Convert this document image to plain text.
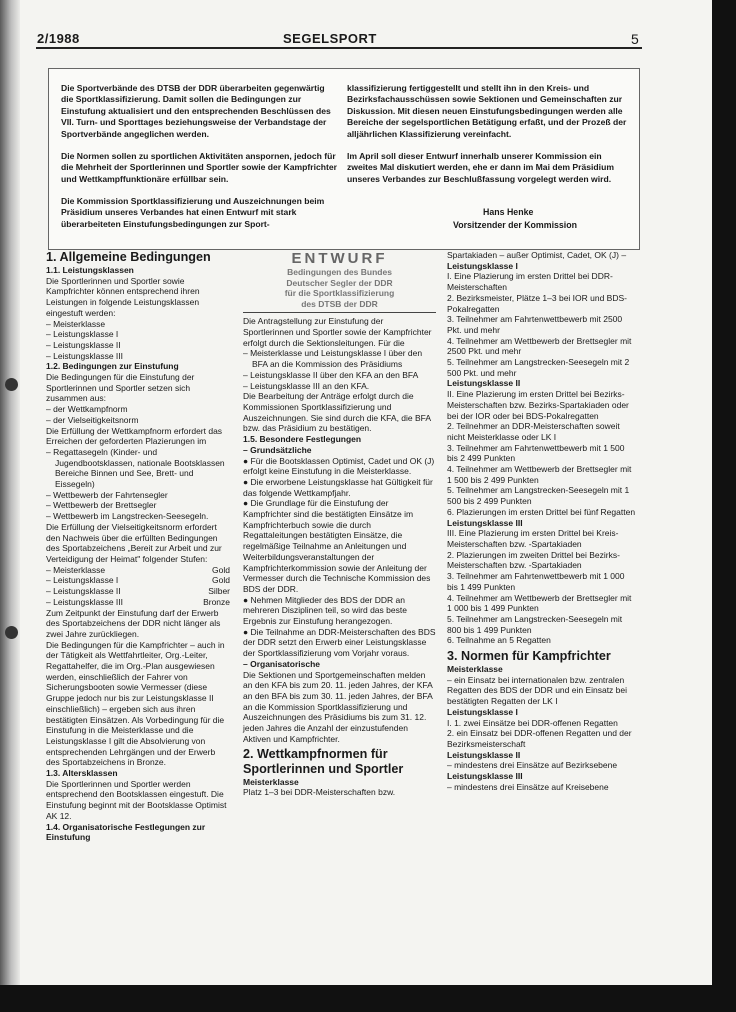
2/1988	SEGELSPORT	5

Die Sportverbände des DTSB der DDR überarbeiten gegenwärtig die Sportklassifizierung. Damit sollen die Bedingungen zur Einstufung aktualisiert und den entsprechenden Beschlüssen des VII. Turn- und Sporttages beziehungsweise der Verbandstage der Sportverbände angeglichen werden.

Die Normen sollen zu sportlichen Aktivitäten anspornen, jedoch für die Mehrheit der Sportlerinnen und Sportler sowie der Kampfrichter und Wettkampffunktionäre erfüllbar sein.

Die Kommission Sportklassifizierung und Auszeichnungen beim Präsidium unseres Verbandes hat einen Entwurf mit stark überarbeiteten Einstufungsbedingungen zur Sport-

klassifizierung fertiggestellt und stellt ihn in den Kreis- und Bezirksfachausschüssen sowie Sektionen und Gemeinschaften zur Diskussion. Mit diesen neuen Einstufungsbedingungen werden alle Bereiche der segelsportlichen Betätigung erfaßt, und der Prozeß der alljährlichen Klassifizierung vereinfacht.

Im April soll dieser Entwurf innerhalb unserer Kommission ein zweites Mal diskutiert werden, ehe er dann im Mai dem Präsidium unseres Verbandes zur Beschlußfassung vorgelegt werden wird.

Hans Henke

Vorsitzender der Kommission

1. Allgemeine Bedingungen

1.1. Leistungsklassen

Die Sportlerinnen und Sportler sowie Kampfrichter können entsprechend ihren Leistungen in folgende Leistungsklassen eingestuft werden:

– Meisterklasse

– Leistungsklasse I

– Leistungsklasse II

– Leistungsklasse III

1.2. Bedingungen zur Einstufung

Die Bedingungen für die Einstufung der Sportlerinnen und Sportler setzen sich zusammen aus:

– der Wettkampfnorm

– der Vielseitigkeitsnorm

Die Erfüllung der Wettkampfnorm erfordert das Erreichen der geforderten Plazierungen im

– Regattasegeln (Kinder- und Jugendbootsklassen, nationale Bootsklassen Bereiche Binnen und See, Brett- und Eissegeln)

– Wettbewerb der Fahrtensegler

– Wettbewerb der Brettsegler

– Wettbewerb im Langstrecken-Seesegeln.

Die Erfüllung der Vielseitigkeitsnorm erfordert den Nachweis über die erfüllten Bedingungen des Sportabzeichens „Bereit zur Arbeit und zur Verteidigung der Heimat" folgender Stufen:

– Meisterklasse	Gold
– Leistungsklasse I	Gold
– Leistungsklasse II	Silber
– Leistungsklasse III	Bronze

Zum Zeitpunkt der Einstufung darf der Erwerb des Sportabzeichens der DDR nicht länger als zwei Jahre zurückliegen.

Die Bedingungen für die Kampfrichter – auch in der Tätigkeit als Wettfahrtleiter, Org.-Leiter, Regattahelfer, die im Org.-Plan ausgewiesen werden, einschließlich der Fahrer von Sicherungsbooten sowie Vermesser (diese Gruppe jedoch nur bis zur Leistungsklasse II einschließlich) – ergeben sich aus ihren bestätigten Einsätzen. Als Vorbedingung für die Einstufung in die Meisterklasse und die Leistungsklasse I gilt die Absolvierung von entsprechenden Lehrgängen und der Erwerb des Sportabzeichens in Bronze.

1.3. Altersklassen

Die Sportlerinnen und Sportler werden entsprechend den Bootsklassen eingestuft. Die Einstufung beginnt mit der Bootsklasse Optimist AK 12.

1.4. Organisatorische Festlegungen zur Einstufung

ENTWURF

Bedingungen des Bundes

Deutscher Segler der DDR

für die Sportklassifizierung

des DTSB der DDR

Die Antragstellung zur Einstufung der Sportlerinnen und Sportler sowie der Kampfrichter erfolgt durch die Sektionsleitungen. Für die

– Meisterklasse und Leistungsklasse I über den BFA an die Kommission des Präsidiums

– Leistungsklasse II über den KFA an den BFA

– Leistungsklasse III an den KFA.

Die Bearbeitung der Anträge erfolgt durch die Kommissionen Sportklassifizierung und Auszeichnungen. Sie sind durch die KFA, die BFA bzw. das Präsidium zu bestätigen.

1.5. Besondere Festlegungen

– Grundsätzliche

● Für die Bootsklassen Optimist, Cadet und OK (J) erfolgt keine Einstufung in die Meisterklasse.

● Die erworbene Leistungsklasse hat Gültigkeit für das folgende Wettkampfjahr.

● Die Grundlage für die Einstufung der Kampfrichter sind die bestätigten Einsätze im Kampfrichterbuch sowie die durch Regattaleitungen bestätigten Einsätze, die regelmäßige Teilnahme an Anleitungen und Weiterbildungsveranstaltungen der Kampfrichterkommission sowie der Anleitung der Vermesser durch die Technische Kommission des BDS der DDR.

● Nehmen Mitglieder des BDS der DDR an mehreren Disziplinen teil, so wird das beste Ergebnis zur Einstufung herangezogen.

● Die Teilnahme an DDR-Meisterschaften des BDS der DDR setzt den Erwerb einer Leistungsklasse der Sportklassifizierung vom Vorjahr voraus.

– Organisatorische

Die Sektionen und Sportgemeinschaften melden an den KFA bis zum 20. 11. jeden Jahres, der KFA an den BFA bis zum 30. 11. jeden Jahres, der BFA an die Kommission Sportklassifizierung und Auszeichnungen des Präsidiums bis zum 31. 12. jeden Jahres die Anzahl der einzustufenden Aktiven und Kampfrichter.

2. Wettkampfnormen für Sportlerinnen und Sportler

Meisterklasse

Platz 1–3 bei DDR-Meisterschaften bzw.

Spartakiaden – außer Optimist, Cadet, OK (J) –

Leistungsklasse I

I. Eine Plazierung im ersten Drittel bei DDR-Meisterschaften

2. Bezirksmeister, Plätze 1–3 bei IOR und BDS-Pokalregatten

3. Teilnehmer am Fahrtenwettbewerb mit 2500 Pkt. und mehr

4. Teilnehmer am Wettbewerb der Brettsegler mit 2500 Pkt. und mehr

5. Teilnehmer am Langstrecken-Seesegeln mit 2 500 Pkt. und mehr

Leistungsklasse II

II. Eine Plazierung im ersten Drittel bei Bezirks-Meisterschaften bzw. Bezirks-Spartakiaden oder bei der IOR oder bei BDS-Pokalregatten

2. Teilnehmer an DDR-Meisterschaften soweit nicht Meisterklasse oder LK I

3. Teilnehmer am Fahrtenwettbewerb mit 1 500 bis 2 499 Punkten

4. Teilnehmer am Wettbewerb der Brettsegler mit 1 500 bis 2 499 Punkten

5. Teilnehmer am Langstrecken-Seesegeln mit 1 500 bis 2 499 Punkten

6. Plazierungen im ersten Drittel bei fünf Regatten

Leistungsklasse III

III. Eine Plazierung im ersten Drittel bei Kreis-Meisterschaften bzw. -Spartakiaden

2. Plazierungen im zweiten Drittel bei Bezirks-Meisterschaften bzw. -Spartakiaden

3. Teilnehmer am Fahrtenwettbewerb mit 1 000 bis 1 499 Punkten

4. Teilnehmer am Wettbewerb der Brettsegler mit 1 000 bis 1 499 Punkten

5. Teilnehmer am Langstrecken-Seesegeln mit 800 bis 1 499 Punkten

6. Teilnahme an 5 Regatten

3. Normen für Kampfrichter

Meisterklasse

– ein Einsatz bei internationalen bzw. zentralen Regatten des BDS der DDR und ein Einsatz bei bestätigten Regatten der LK I

Leistungsklasse I

I. 1. zwei Einsätze bei DDR-offenen Regatten

2. ein Einsatz bei DDR-offenen Regatten und der Bezirksmeisterschaft

Leistungsklasse II

– mindestens drei Einsätze auf Bezirksebene

Leistungsklasse III

– mindestens drei Einsätze auf Kreisebene
